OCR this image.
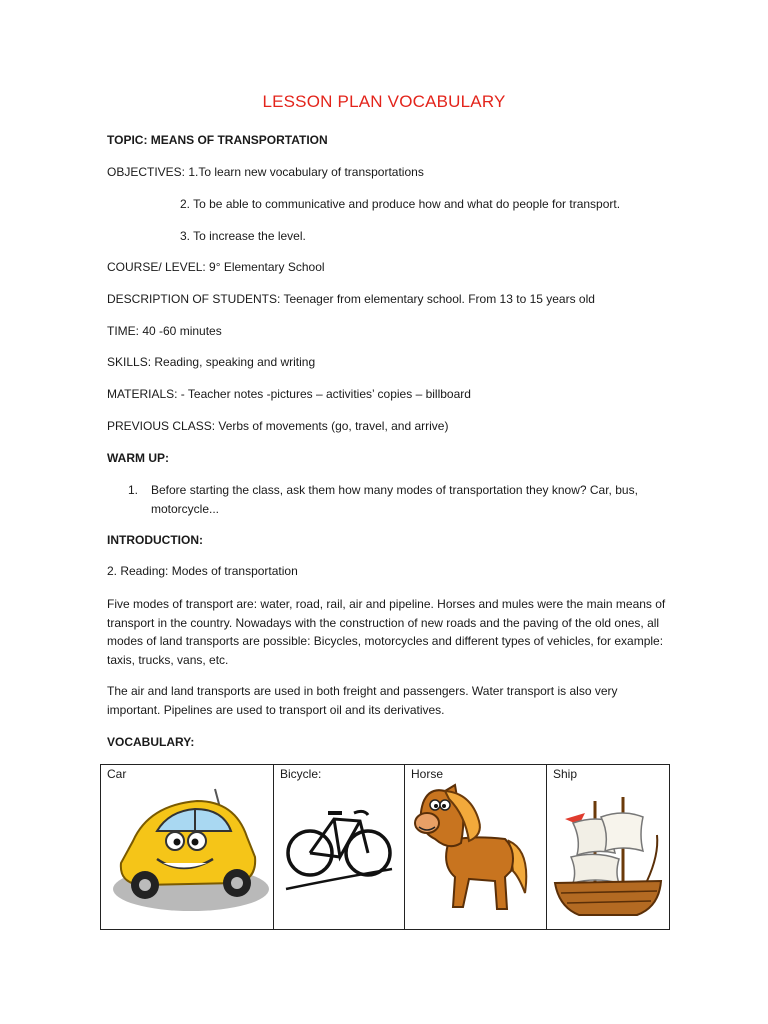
LESSON PLAN VOCABULARY
TOPIC: MEANS OF TRANSPORTATION
OBJECTIVES: 1.To learn new vocabulary of transportations
2. To be able to communicative and produce how and what do people for transport.
3. To increase the level.
COURSE/ LEVEL: 9° Elementary School
DESCRIPTION OF STUDENTS: Teenager from elementary school. From 13 to 15 years old
TIME: 40 -60 minutes
SKILLS: Reading, speaking and writing
MATERIALS: - Teacher notes -pictures – activities’ copies – billboard
PREVIOUS CLASS: Verbs of movements (go, travel, and arrive)
WARM UP:
1. Before starting the class, ask them how many modes of transportation they know? Car, bus,
motorcycle...
INTRODUCTION:
2. Reading: Modes of transportation
Five modes of transport are: water, road, rail, air and pipeline. Horses and mules were the main means of transport in the country. Nowadays with the construction of new roads and the paving of the old ones, all modes of land transports are possible: Bicycles, motorcycles and different types of vehicles, for example: taxis, trucks, vans, etc.
The air and land transports are used in both freight and passengers. Water transport is also very important. Pipelines are used to transport oil and its derivatives.
VOCABULARY:
Car	Bicycle:	Horse	Ship
